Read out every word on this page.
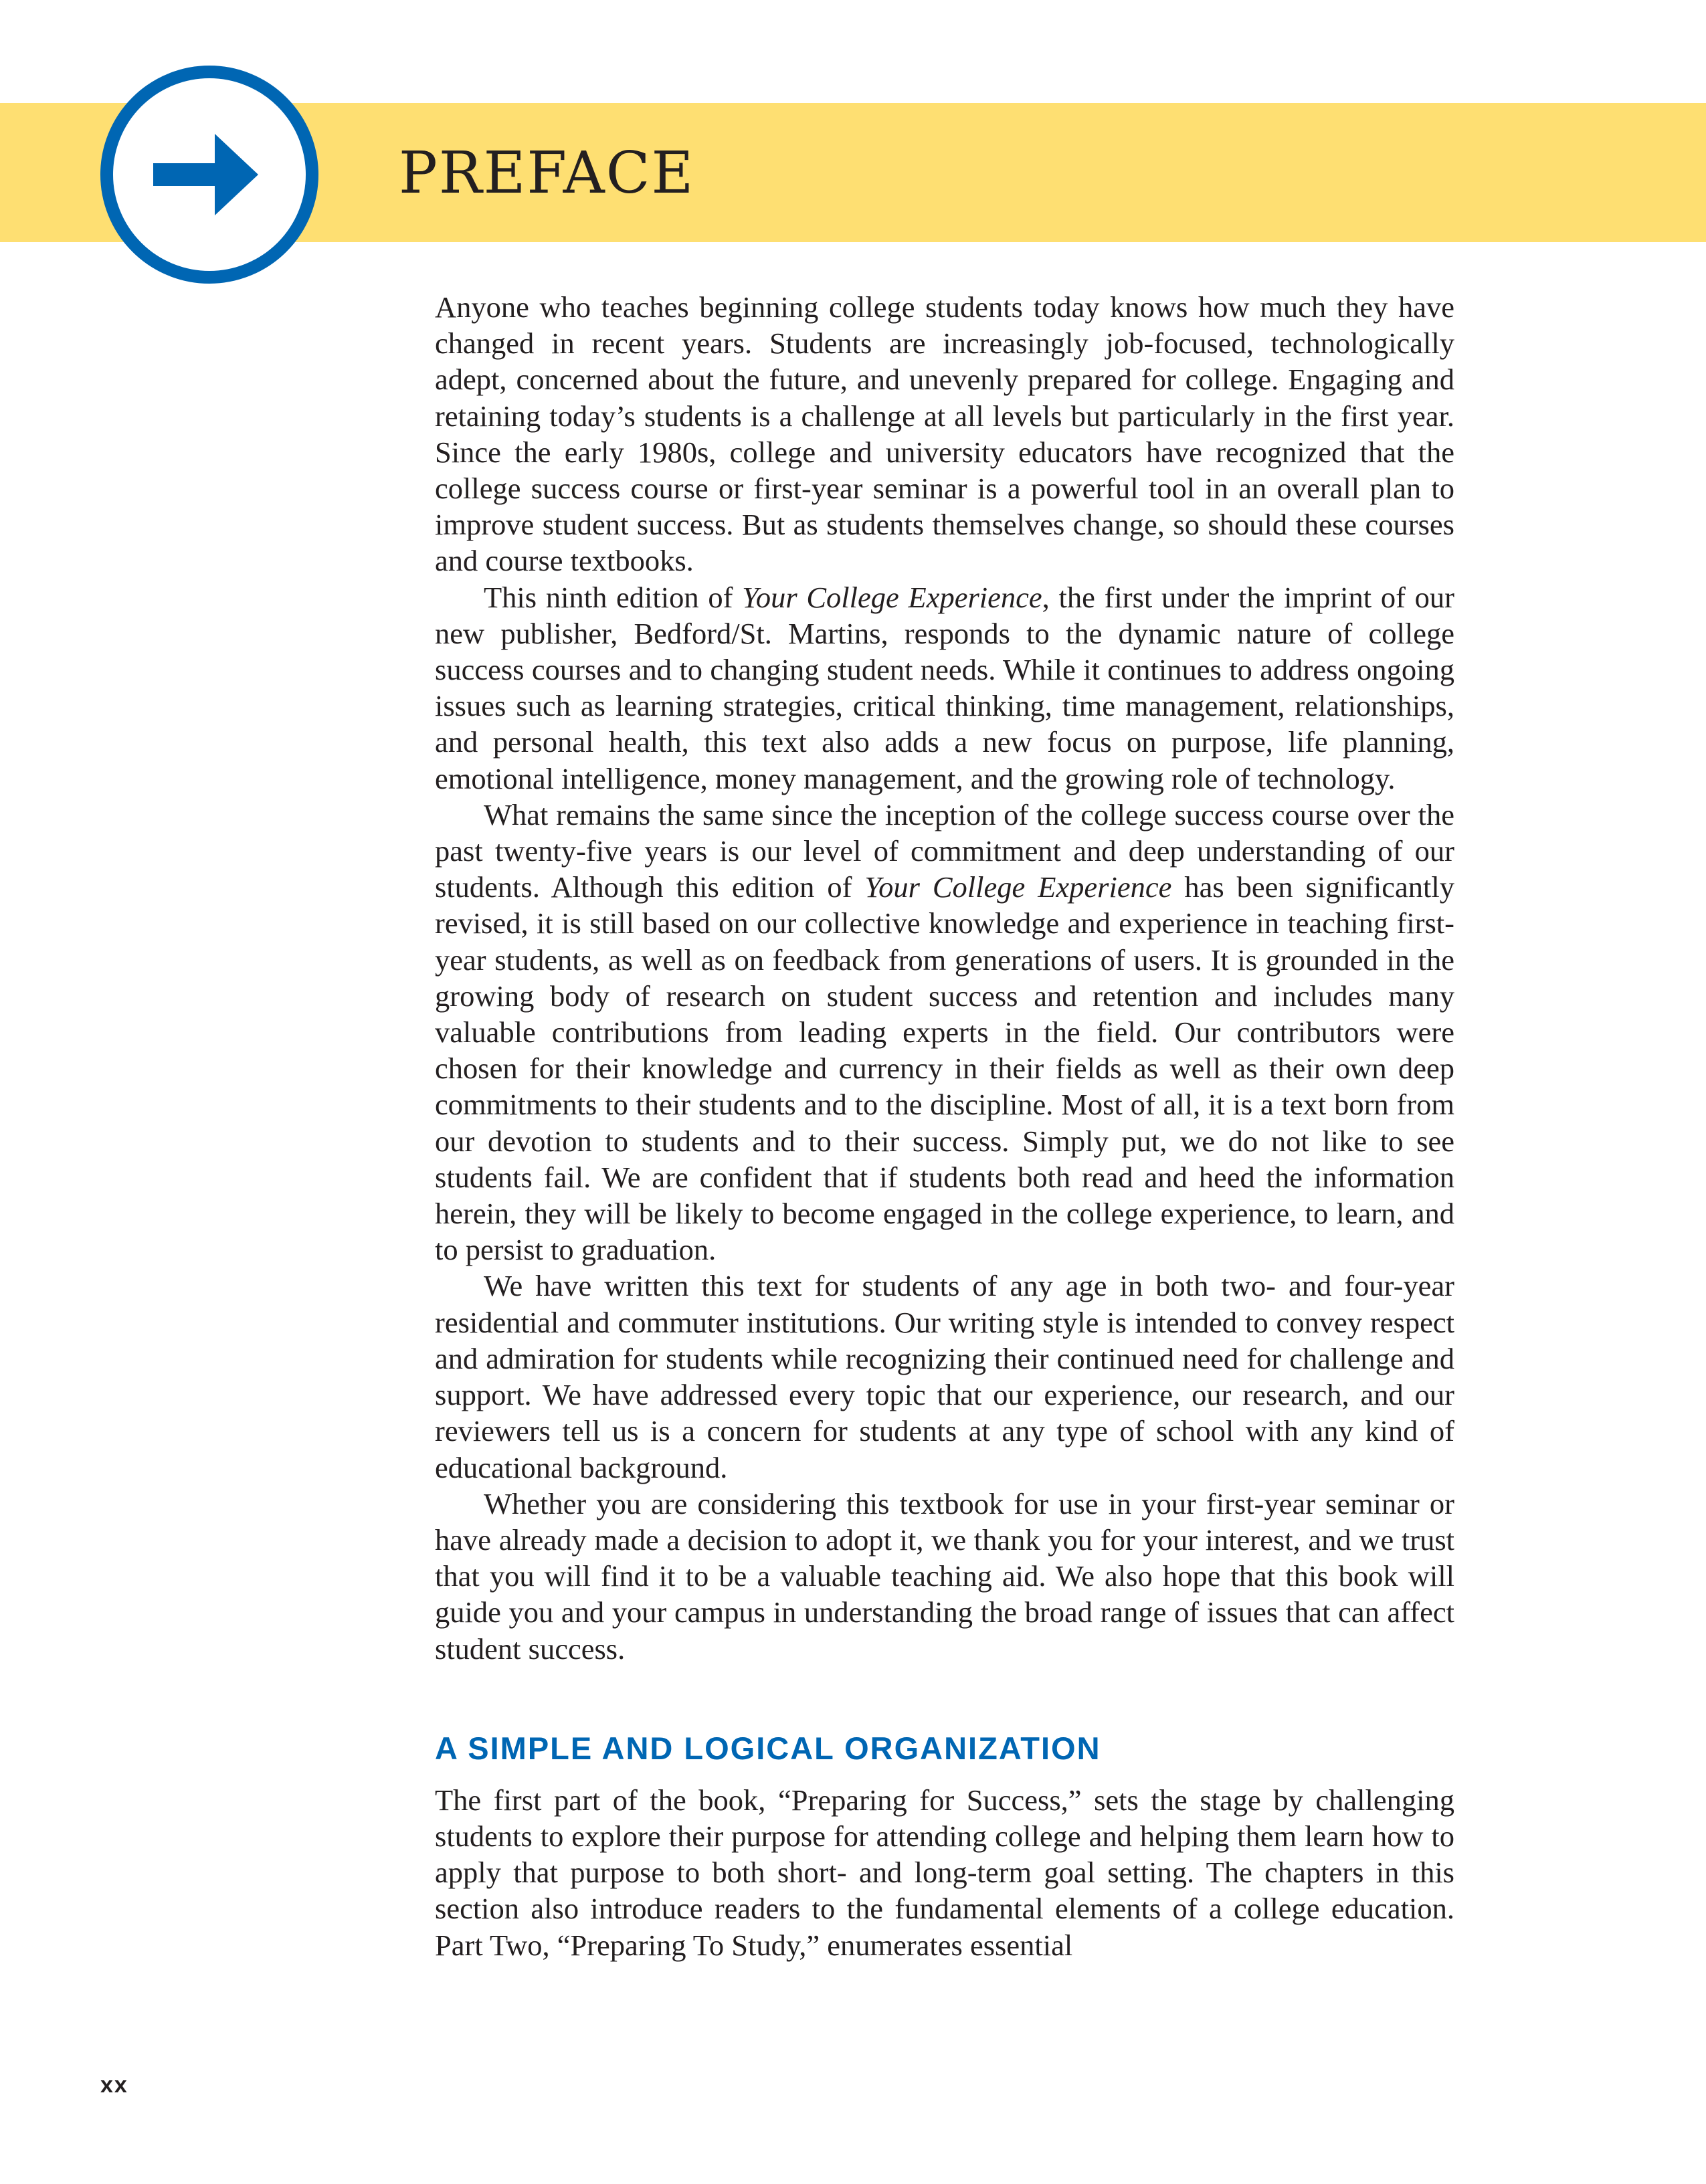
PREFACE

Anyone who teaches beginning college students today knows how much they have changed in recent years. Students are increasingly job-focused, technologically adept, concerned about the future, and unevenly prepared for college. Engaging and retaining today’s students is a challenge at all levels but particularly in the first year. Since the early 1980s, college and university educators have recognized that the college success course or first-year seminar is a powerful tool in an overall plan to improve student success. But as students themselves change, so should these courses and course textbooks.

This ninth edition of Your College Experience, the first under the imprint of our new publisher, Bedford/St. Martins, responds to the dynamic nature of college success courses and to changing student needs. While it continues to address ongoing issues such as learning strategies, critical thinking, time management, relationships, and personal health, this text also adds a new focus on purpose, life planning, emotional intelligence, money management, and the growing role of technology.

What remains the same since the inception of the college success course over the past twenty-five years is our level of commitment and deep understanding of our students. Although this edition of Your College Experience has been significantly revised, it is still based on our collective knowledge and experience in teaching first-year students, as well as on feedback from generations of users. It is grounded in the growing body of research on student success and retention and includes many valuable contributions from leading experts in the field. Our contributors were chosen for their knowledge and currency in their fields as well as their own deep commitments to their students and to the discipline. Most of all, it is a text born from our devotion to students and to their success. Simply put, we do not like to see students fail. We are confident that if students both read and heed the information herein, they will be likely to become engaged in the college experience, to learn, and to persist to graduation.

We have written this text for students of any age in both two- and four-year residential and commuter institutions. Our writing style is intended to convey respect and admiration for students while recognizing their continued need for challenge and support. We have addressed every topic that our experience, our research, and our reviewers tell us is a concern for students at any type of school with any kind of educational background.

Whether you are considering this textbook for use in your first-year seminar or have already made a decision to adopt it, we thank you for your interest, and we trust that you will find it to be a valuable teaching aid. We also hope that this book will guide you and your campus in understanding the broad range of issues that can affect student success.

A SIMPLE AND LOGICAL ORGANIZATION

The first part of the book, “Preparing for Success,” sets the stage by challenging students to explore their purpose for attending college and helping them learn how to apply that purpose to both short- and long-term goal setting. The chapters in this section also introduce readers to the fundamental elements of a college education. Part Two, “Preparing To Study,” enumerates essential

xx
